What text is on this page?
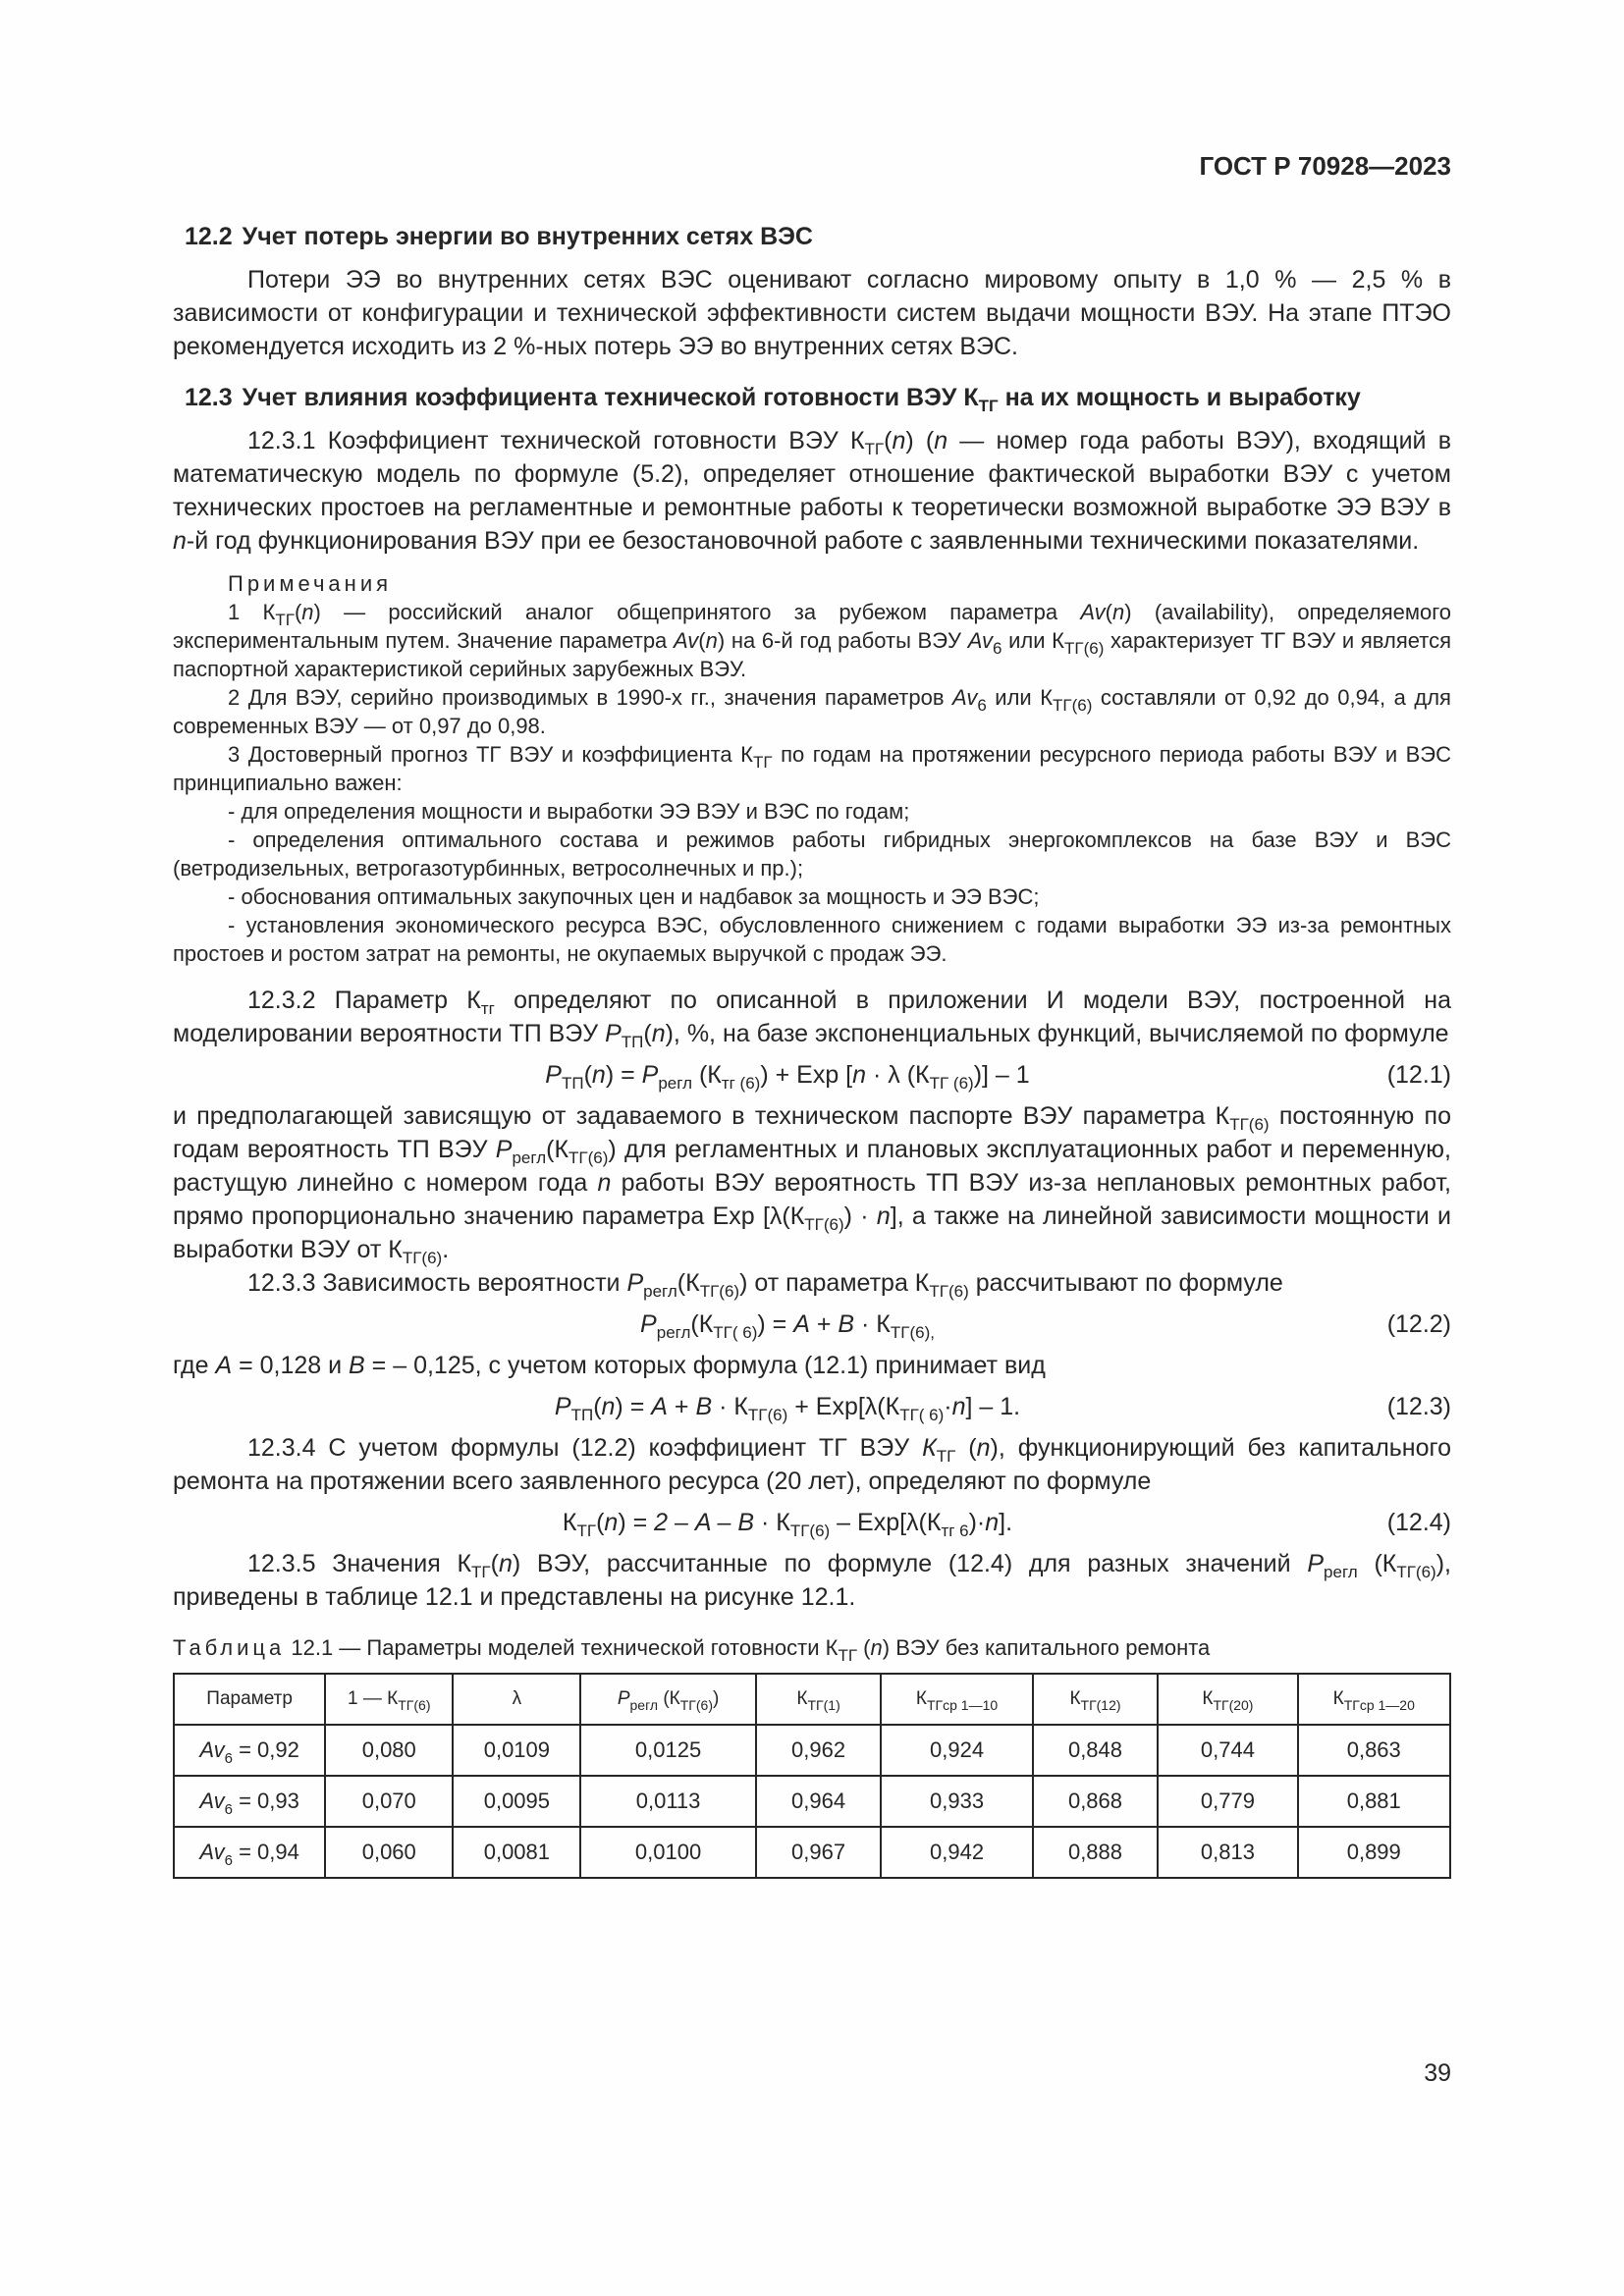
ГОСТ Р 70928—2023
12.2 Учет потерь энергии во внутренних сетях ВЭС

Потери ЭЭ во внутренних сетях ВЭС оценивают согласно мировому опыту в 1,0 % — 2,5 % в зависимости от конфигурации и технической эффективности систем выдачи мощности ВЭУ. На этапе ПТЭО рекомендуется исходить из 2 %-ных потерь ЭЭ во внутренних сетях ВЭС.

12.3 Учет влияния коэффициента технической готовности ВЭУ $К_{ТГ}$ на их мощность и выработку

12.3.1 Коэффициент технической готовности ВЭУ $К_{ТГ}(n)$ (n — номер года работы ВЭУ), входящий в математическую модель по формуле (5.2), определяет отношение фактической выработки ВЭУ с учетом технических простоев на регламентные и ремонтные работы к теоретически возможной выработке ЭЭ ВЭУ в n-й год функционирования ВЭУ при ее безостановочной работе с заявленными техническими показателями.

Примечания

1 $К_{ТГ}(n)$ — российский аналог общепринятого за рубежом параметра Av(n) (availability), определяемого экспериментальным путем. Значение параметра Av(n) на 6-й год работы ВЭУ $Av_6$ или $К_{ТГ(6)}$ характеризует ТГ ВЭУ и является паспортной характеристикой серийных зарубежных ВЭУ.

2 Для ВЭУ, серийно производимых в 1990-х гг., значения параметров $Av_6$ или $К_{ТГ(6)}$ составляли от 0,92 до 0,94, а для современных ВЭУ — от 0,97 до 0,98.

3 Достоверный прогноз ТГ ВЭУ и коэффициента $К_{ТГ}$ по годам на протяжении ресурсного периода работы ВЭУ и ВЭС принципиально важен:

- для определения мощности и выработки ЭЭ ВЭУ и ВЭС по годам;

- определения оптимального состава и режимов работы гибридных энергокомплексов на базе ВЭУ и ВЭС (ветродизельных, ветрогазотурбинных, ветросолнечных и пр.);

- обоснования оптимальных закупочных цен и надбавок за мощность и ЭЭ ВЭС;

- установления экономического ресурса ВЭС, обусловленного снижением с годами выработки ЭЭ из-за ремонтных простоев и ростом затрат на ремонты, не окупаемых выручкой с продаж ЭЭ.

12.3.2 Параметр $К_{тг}$ определяют по описанной в приложении И модели ВЭУ, построенной на моделировании вероятности ТП ВЭУ $P_{ТП}(n)$, %, на базе экспоненциальных функций, вычисляемой по формуле

$P_{ТП}(n) = P_{регл}$ $(К_{тг (6)})$ + Exp [n · λ $(К_{ТГ (6)})] - 1$	(12.1)

и предполагающей зависящую от задаваемого в техническом паспорте ВЭУ параметра $К_{ТГ(6)}$ постоянную по годам вероятность ТП ВЭУ $P_{регл}(К_{ТГ(6)})$ для регламентных и плановых эксплуатационных работ и переменную, растущую линейно с номером года n работы ВЭУ вероятность ТП ВЭУ из-за неплановых ремонтных работ, прямо пропорционально значению параметра Exp $[\lambda(К_{ТГ(6)}) \cdot n]$, а также на линейной зависимости мощности и выработки ВЭУ от $К_{ТГ(6)}$.

12.3.3 Зависимость вероятности $P_{регл}(К_{ТГ(6)})$ от параметра $К_{ТГ(6)}$ рассчитывают по формуле

$P_{регл}(К_{ТГ( 6)}) = A + B \cdot К_{ТГ(6),}$	(12.2)

где A = 0,128 и B = – 0,125, с учетом которых формула (12.1) принимает вид

$P_{ТП}(n) = A + B \cdot К_{ТГ(6)} + Exp[\lambda(К_{ТГ( 6)}\cdot n] - 1$.	(12.3)

12.3.4 С учетом формулы (12.2) коэффициент ТГ ВЭУ $К_{ТГ}$ (n), функционирующий без капитального ремонта на протяжении всего заявленного ресурса (20 лет), определяют по формуле

$К_{ТГ}(n) = 2 - A - B \cdot К_{ТГ(6)} - Exp[\lambda(К_{тг 6})\cdot n]$.	(12.4)

12.3.5 Значения $К_{ТГ}(n)$ ВЭУ, рассчитанные по формуле (12.4) для разных значений $P_{регл}$ $(К_{ТГ(6)})$, приведены в таблице 12.1 и представлены на рисунке 12.1.

Таблица 12.1 — Параметры моделей технической готовности $К_{ТГ}$ (n) ВЭУ без капитального ремонта
Параметр	1 — $К_{ТГ(6)}$	λ	$P_{регл}$ $(К_{ТГ(6)})$	$К_{ТГ(1)}$	$К_{ТГср 1—10}$	$К_{ТГ(12)}$	$К_{ТГ(20)}$	$К_{ТГср 1—20}$
$Av_6 = 0,92$	0,080	0,0109	0,0125	0,962	0,924	0,848	0,744	0,863
$Av_6 = 0,93$	0,070	0,0095	0,0113	0,964	0,933	0,868	0,779	0,881
$Av_6 = 0,94$	0,060	0,0081	0,0100	0,967	0,942	0,888	0,813	0,899
39
